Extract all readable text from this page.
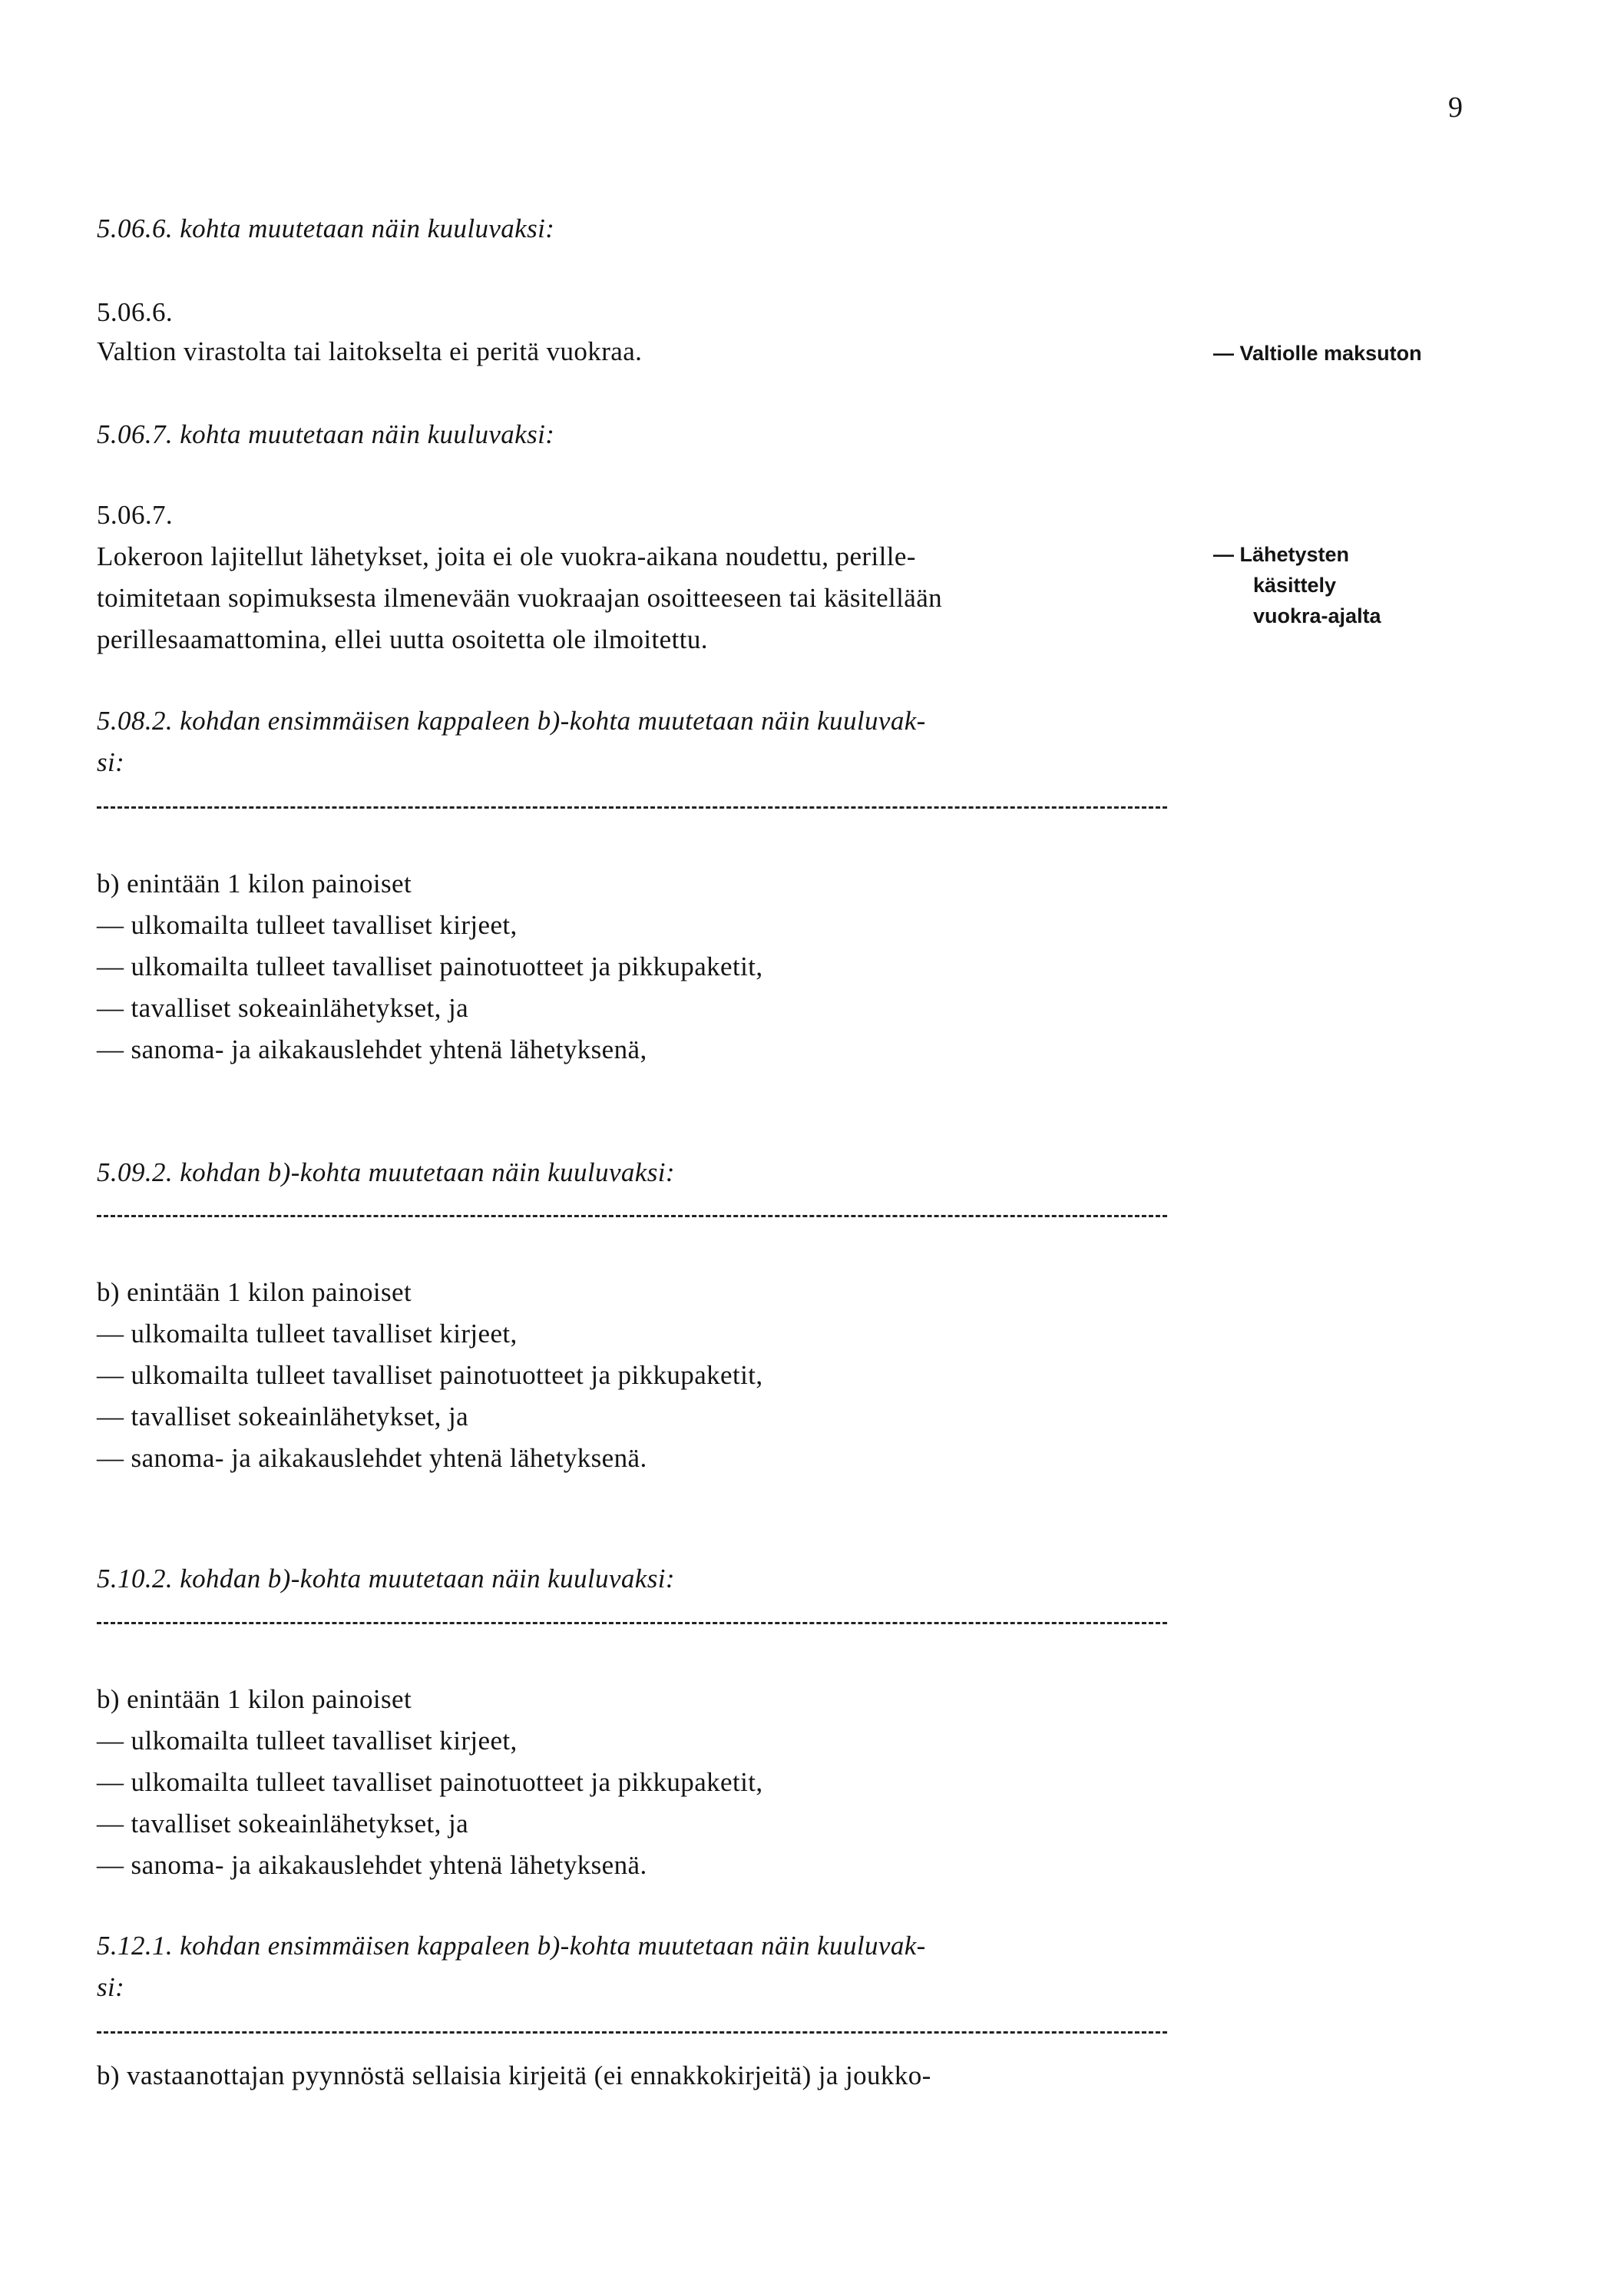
9
5.06.6. kohta muutetaan näin kuuluvaksi:
5.06.6.
Valtion virastolta tai laitokselta ei peritä vuokraa.	— Valtiolle maksuton
5.06.7. kohta muutetaan näin kuuluvaksi:
5.06.7.
Lokeroon lajitellut lähetykset, joita ei ole vuokra-aikana noudettu, perille-
toimitetaan sopimuksesta ilmenevään vuokraajan osoitteeseen tai käsitellään
perillesaamattomina, ellei uutta osoitetta ole ilmoitettu.
— Lähetysten
käsittely
vuokra-ajalta
5.08.2. kohdan ensimmäisen kappaleen b)-kohta muutetaan näin kuuluvak-
si:
b) enintään 1 kilon painoiset
— ulkomailta tulleet tavalliset kirjeet,
— ulkomailta tulleet tavalliset painotuotteet ja pikkupaketit,
— tavalliset sokeainlähetykset, ja
— sanoma- ja aikakauslehdet yhtenä lähetyksenä,
5.09.2. kohdan b)-kohta muutetaan näin kuuluvaksi:
b) enintään 1 kilon painoiset
— ulkomailta tulleet tavalliset kirjeet,
— ulkomailta tulleet tavalliset painotuotteet ja pikkupaketit,
— tavalliset sokeainlähetykset, ja
— sanoma- ja aikakauslehdet yhtenä lähetyksenä.
5.10.2. kohdan b)-kohta muutetaan näin kuuluvaksi:
b) enintään 1 kilon painoiset
— ulkomailta tulleet tavalliset kirjeet,
— ulkomailta tulleet tavalliset painotuotteet ja pikkupaketit,
— tavalliset sokeainlähetykset, ja
— sanoma- ja aikakauslehdet yhtenä lähetyksenä.
5.12.1. kohdan ensimmäisen kappaleen b)-kohta muutetaan näin kuuluvak-
si:
b) vastaanottajan pyynnöstä sellaisia kirjeitä (ei ennakkokirjeitä) ja joukko-
